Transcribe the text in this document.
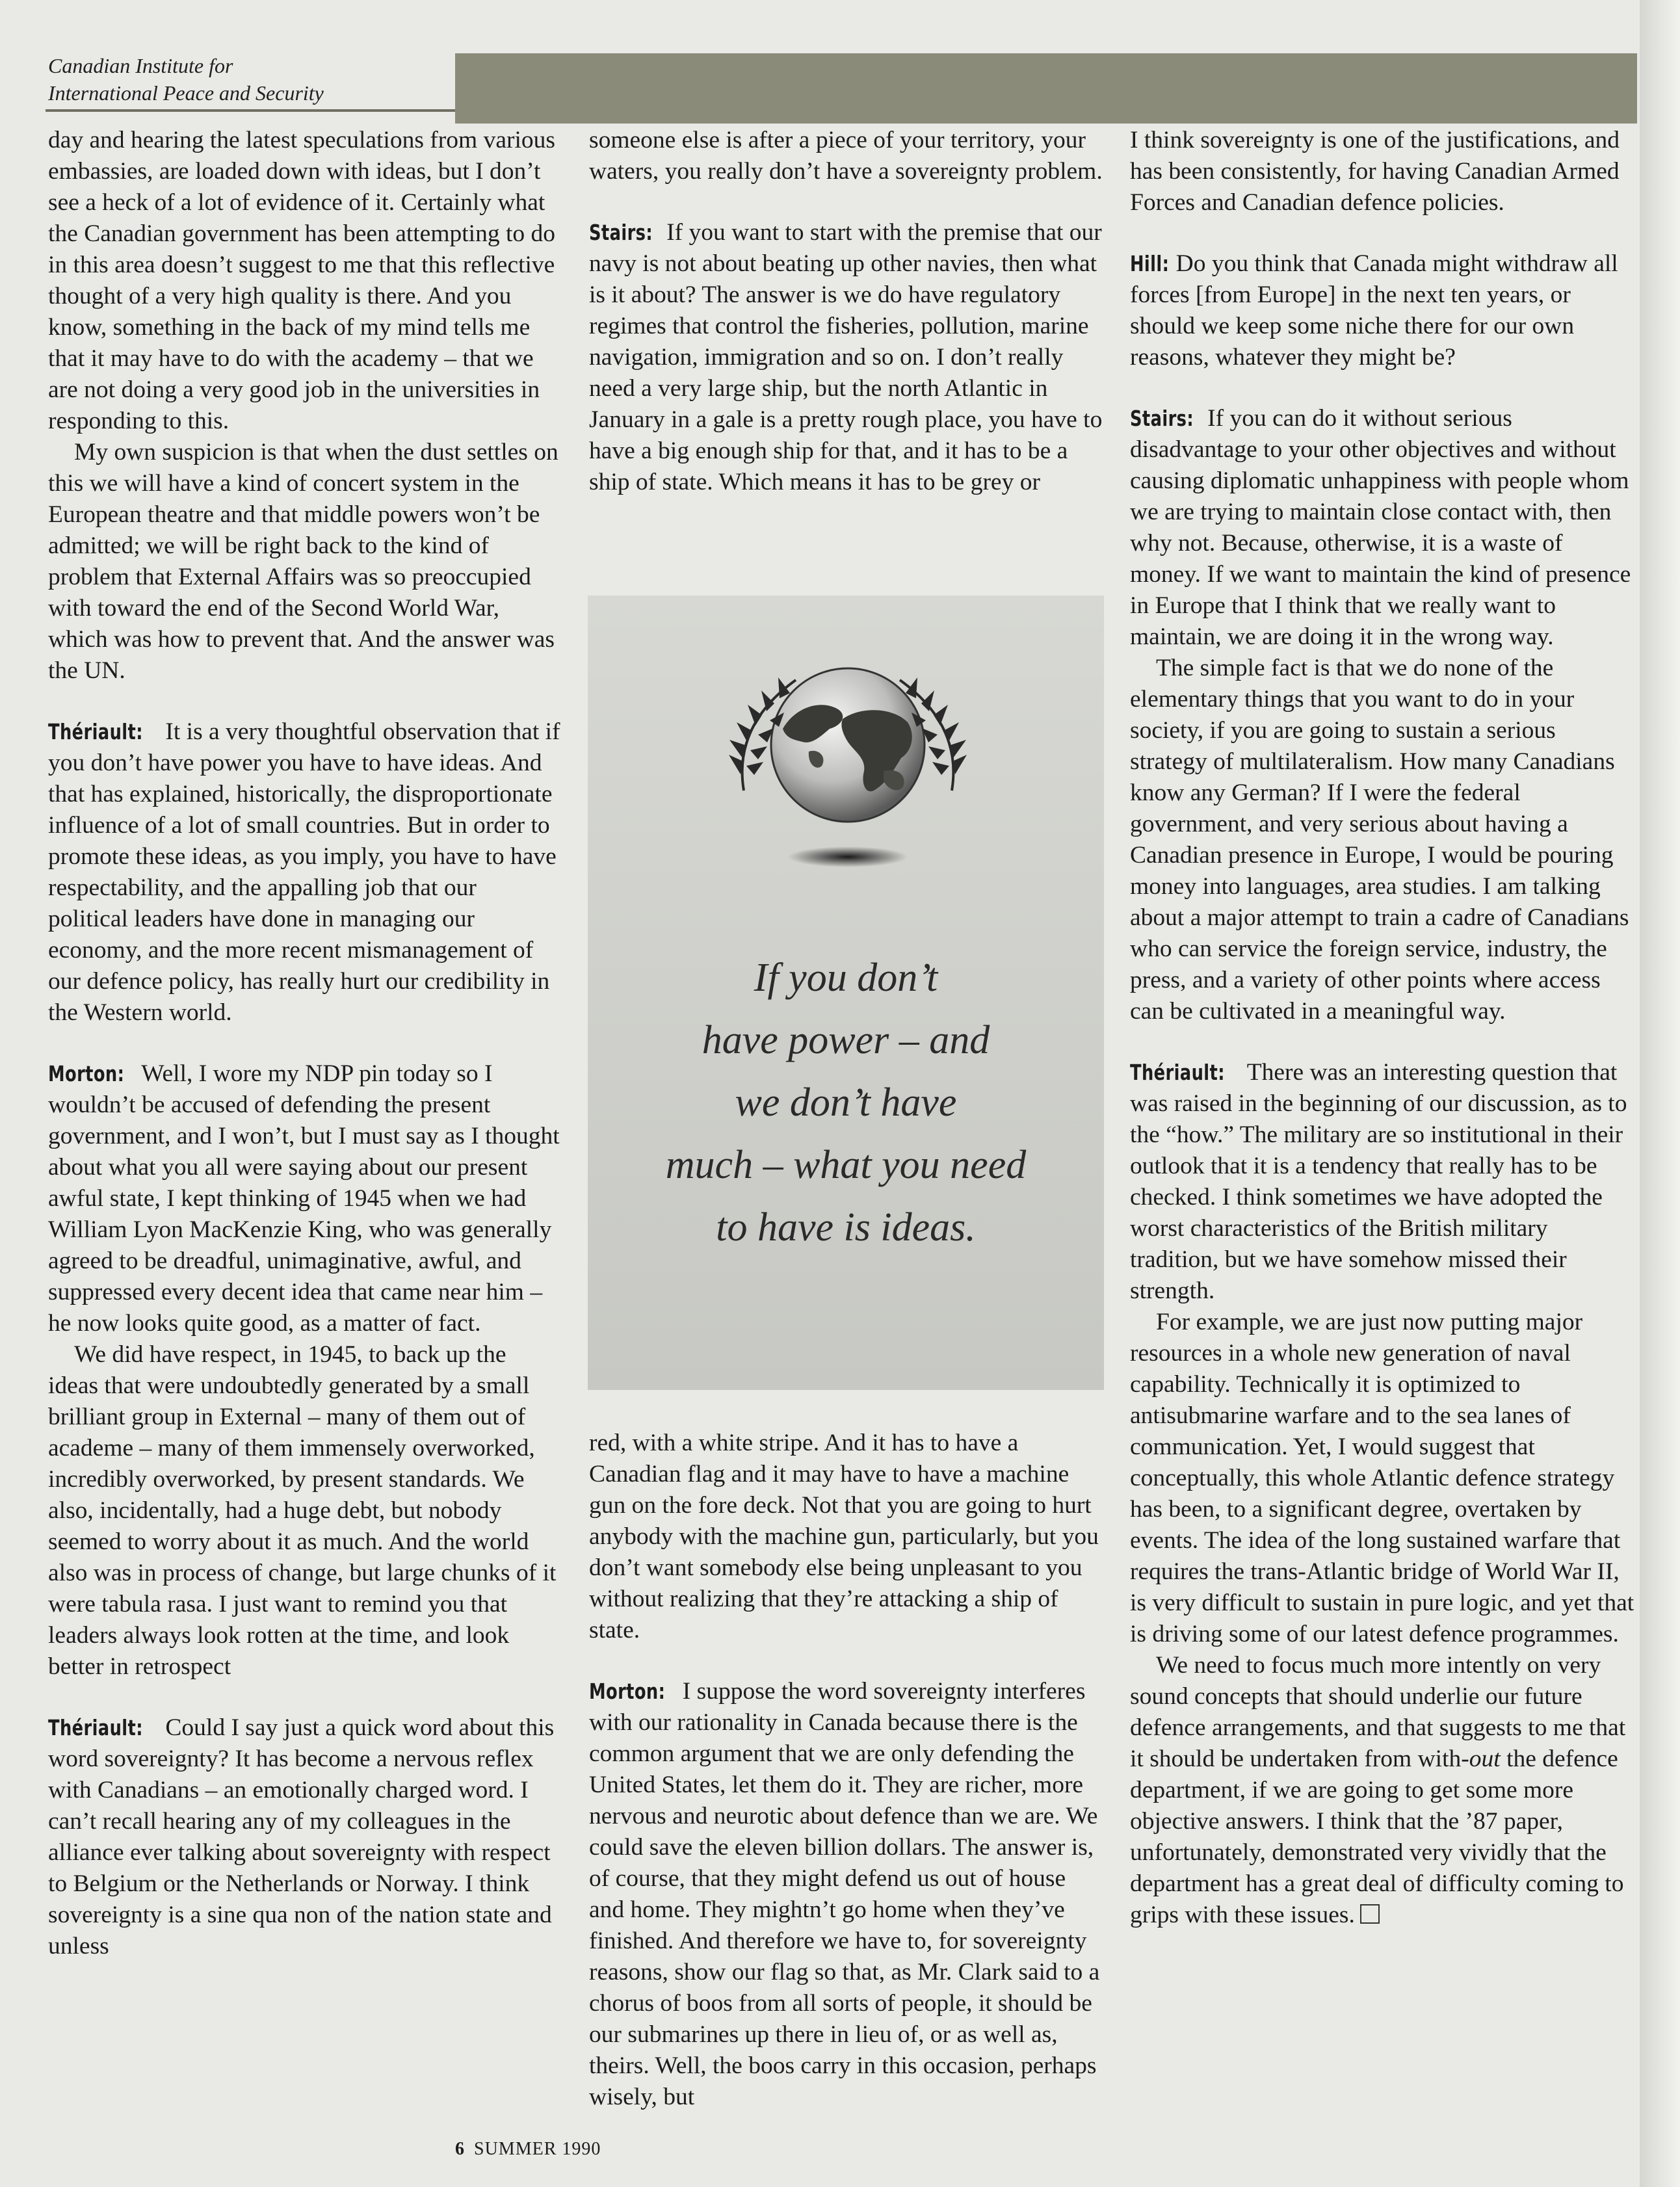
Canadian Institute for
International Peace and Security

day and hearing the latest speculations from various embassies, are loaded down with ideas, but I don’t see a heck of a lot of evidence of it. Certainly what the Canadian government has been attempting to do in this area doesn’t suggest to me that this reflective thought of a very high quality is there. And you know, something in the back of my mind tells me that it may have to do with the academy – that we are not doing a very good job in the universities in responding to this.

My own suspicion is that when the dust settles on this we will have a kind of concert system in the European theatre and that middle powers won’t be admitted; we will be right back to the kind of problem that External Affairs was so preoccupied with toward the end of the Second World War, which was how to prevent that. And the answer was the UN.

Thériault: It is a very thoughtful observation that if you don’t have power you have to have ideas. And that has explained, historically, the disproportionate influence of a lot of small countries. But in order to promote these ideas, as you imply, you have to have respectability, and the appalling job that our political leaders have done in managing our economy, and the more recent mismanagement of our defence policy, has really hurt our credibility in the Western world.

Morton: Well, I wore my NDP pin today so I wouldn’t be accused of defending the present government, and I won’t, but I must say as I thought about what you all were saying about our present awful state, I kept thinking of 1945 when we had William Lyon MacKenzie King, who was generally agreed to be dreadful, unimaginative, awful, and suppressed every decent idea that came near him – he now looks quite good, as a matter of fact.

We did have respect, in 1945, to back up the ideas that were undoubtedly generated by a small brilliant group in External – many of them out of academe – many of them immensely overworked, incredibly overworked, by present standards. We also, incidentally, had a huge debt, but nobody seemed to worry about it as much. And the world also was in process of change, but large chunks of it were tabula rasa. I just want to remind you that leaders always look rotten at the time, and look better in retrospect

Thériault: Could I say just a quick word about this word sovereignty? It has become a nervous reflex with Canadians – an emotionally charged word. I can’t recall hearing any of my colleagues in the alliance ever talking about sovereignty with respect to Belgium or the Netherlands or Norway. I think sovereignty is a sine qua non of the nation state and unless

someone else is after a piece of your territory, your waters, you really don’t have a sovereignty problem.

Stairs: If you want to start with the premise that our navy is not about beating up other navies, then what is it about? The answer is we do have regulatory regimes that control the fisheries, pollution, marine navigation, immigration and so on. I don’t really need a very large ship, but the north Atlantic in January in a gale is a pretty rough place, you have to have a big enough ship for that, and it has to be a ship of state. Which means it has to be grey or

If you don’t
have power – and
we don’t have
much – what you need
to have is ideas.

red, with a white stripe. And it has to have a Canadian flag and it may have to have a machine gun on the fore deck. Not that you are going to hurt anybody with the machine gun, particularly, but you don’t want somebody else being unpleasant to you without realizing that they’re attacking a ship of state.

Morton: I suppose the word sovereignty interferes with our rationality in Canada because there is the common argument that we are only defending the United States, let them do it. They are richer, more nervous and neurotic about defence than we are. We could save the eleven billion dollars. The answer is, of course, that they might defend us out of house and home. They mightn’t go home when they’ve finished. And therefore we have to, for sovereignty reasons, show our flag so that, as Mr. Clark said to a chorus of boos from all sorts of people, it should be our submarines up there in lieu of, or as well as, theirs. Well, the boos carry in this occasion, perhaps wisely, but

I think sovereignty is one of the justifications, and has been consistently, for having Canadian Armed Forces and Canadian defence policies.

Hill: Do you think that Canada might withdraw all forces [from Europe] in the next ten years, or should we keep some niche there for our own reasons, whatever they might be?

Stairs: If you can do it without serious disadvantage to your other objectives and without causing diplomatic unhappiness with people whom we are trying to maintain close contact with, then why not. Because, otherwise, it is a waste of money. If we want to maintain the kind of presence in Europe that I think that we really want to maintain, we are doing it in the wrong way.

The simple fact is that we do none of the elementary things that you want to do in your society, if you are going to sustain a serious strategy of multilateralism. How many Canadians know any German? If I were the federal government, and very serious about having a Canadian presence in Europe, I would be pouring money into languages, area studies. I am talking about a major attempt to train a cadre of Canadians who can service the foreign service, industry, the press, and a variety of other points where access can be cultivated in a meaningful way.

Thériault: There was an interesting question that was raised in the beginning of our discussion, as to the “how.” The military are so institutional in their outlook that it is a tendency that really has to be checked. I think sometimes we have adopted the worst characteristics of the British military tradition, but we have somehow missed their strength.

For example, we are just now putting major resources in a whole new generation of naval capability. Technically it is optimized to antisubmarine warfare and to the sea lanes of communication. Yet, I would suggest that conceptually, this whole Atlantic defence strategy has been, to a significant degree, overtaken by events. The idea of the long sustained warfare that requires the trans-Atlantic bridge of World War II, is very difficult to sustain in pure logic, and yet that is driving some of our latest defence programmes.

We need to focus much more intently on very sound concepts that should underlie our future defence arrangements, and that suggests to me that it should be undertaken from with-out the defence department, if we are going to get some more objective answers. I think that the ’87 paper, unfortunately, demonstrated very vividly that the department has a great deal of difficulty coming to grips with these issues.

6 SUMMER 1990
